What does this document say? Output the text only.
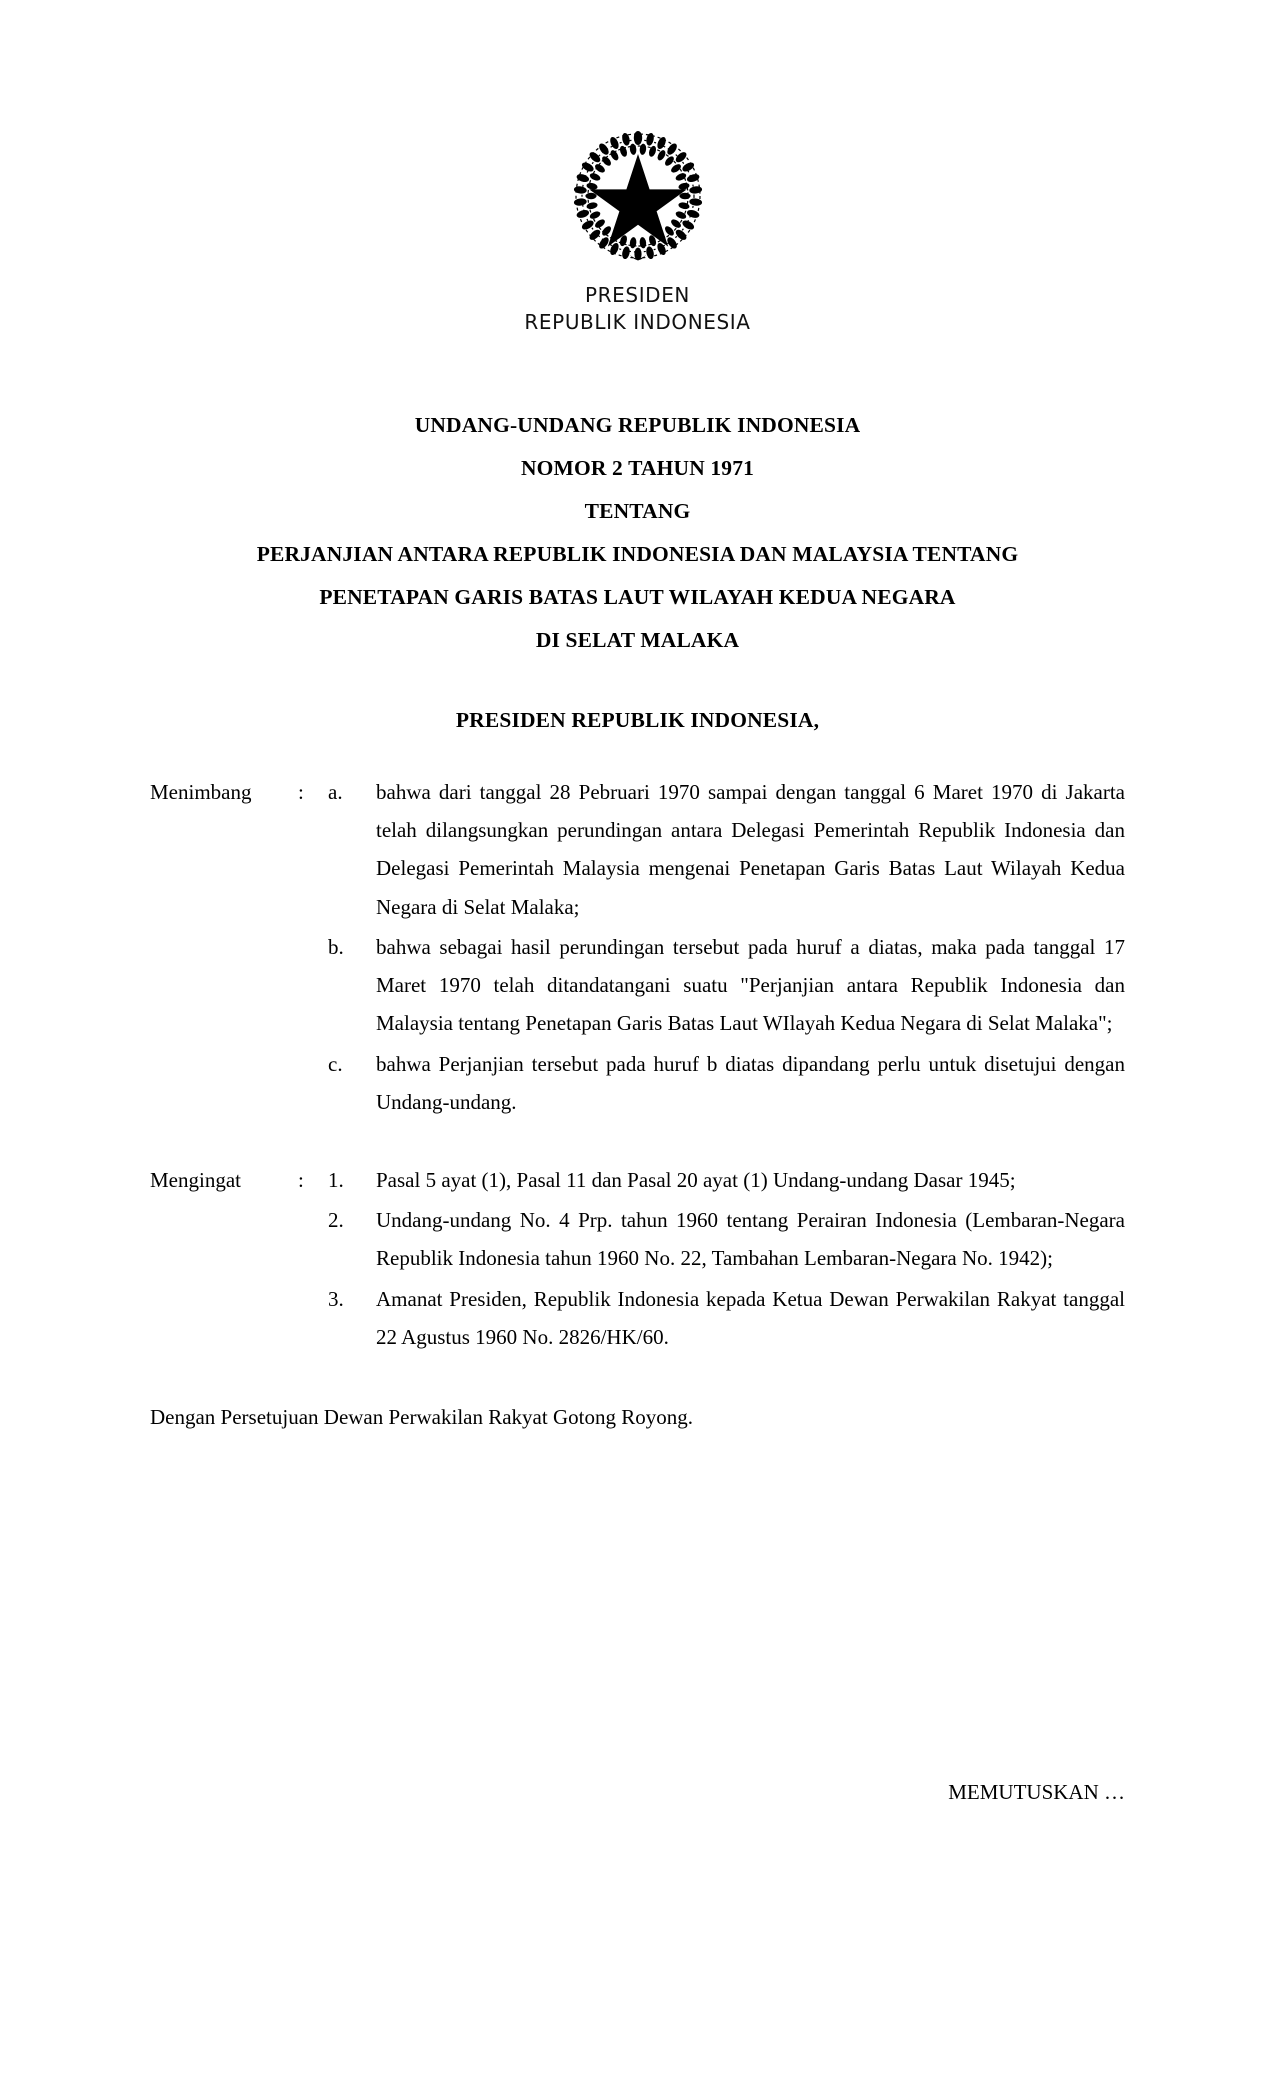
PRESIDEN
REPUBLIK INDONESIA
UNDANG-UNDANG REPUBLIK INDONESIA
NOMOR 2 TAHUN 1971
TENTANG
PERJANJIAN ANTARA REPUBLIK INDONESIA DAN MALAYSIA TENTANG
PENETAPAN GARIS BATAS LAUT WILAYAH KEDUA NEGARA
DI SELAT MALAKA
PRESIDEN REPUBLIK INDONESIA,
Menimbang	:	a.	bahwa dari tanggal 28 Pebruari 1970 sampai dengan tanggal 6 Maret 1970 di Jakarta telah dilangsungkan perundingan antara Delegasi Pemerintah Republik Indonesia dan Delegasi Pemerintah Malaysia mengenai Penetapan Garis Batas Laut Wilayah Kedua Negara di Selat Malaka;
b.	bahwa sebagai hasil perundingan tersebut pada huruf a diatas, maka pada tanggal 17 Maret 1970 telah ditandatangani suatu "Perjanjian antara Republik Indonesia dan Malaysia tentang Penetapan Garis Batas Laut WIlayah Kedua Negara di Selat Malaka";
c.	bahwa Perjanjian tersebut pada huruf b diatas dipandang perlu untuk disetujui dengan Undang-undang.
Mengingat	:	1.	Pasal 5 ayat (1), Pasal 11 dan Pasal 20 ayat (1) Undang-undang Dasar 1945;
2.	Undang-undang No. 4 Prp. tahun 1960 tentang Perairan Indonesia (Lembaran-Negara Republik Indonesia tahun 1960 No. 22, Tambahan Lembaran-Negara No. 1942);
3.	Amanat Presiden, Republik Indonesia kepada Ketua Dewan Perwakilan Rakyat tanggal 22 Agustus 1960 No. 2826/HK/60.
Dengan Persetujuan Dewan Perwakilan Rakyat Gotong Royong.
MEMUTUSKAN …
